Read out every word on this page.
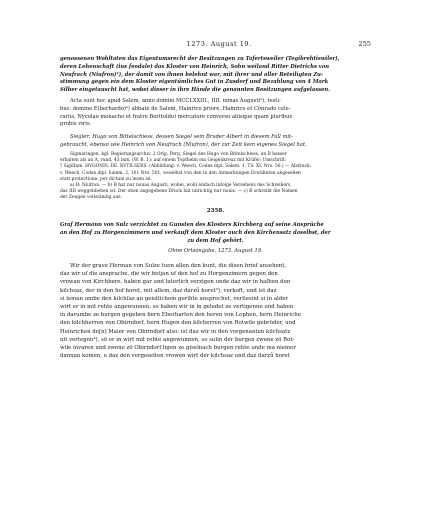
1273. August 19.	255
genossenen Wohltaten das Eigentumsrecht der Besitzungen zu Tafertsweiler (Tegibrehtiswiler),
deren Lehenschaft (ius feodale) das Kloster von Heinrich, Sohn weiland Ritter Dietrichs von
Neufrach (Niufron)¹), der damit von ihnen belehnt war, mit ihrer und aller Beteiligten Zu-
stimmung gegen ein dem Kloster eigentümliches Gut in Zusdorf und Bezahlung von 4 Mark
Silber eingetauscht hat, wobei dieser in ihre Hände die genannten Besitzungen aufgelassen.
Acta sunt hec apud Salem, anno domini MCCLXXIII., IIII. nonas Augusti²), testi-
bus: domino E(berhardo)ᵃ) abbate de Salem, Hainrico priore, Hainrico et Cônrado cele-
rariis, Nycolao monacho et fratre Ber(toldo) mercatore converso aliisque quam pluribus
probis viris.
Siegler: Hugo von Bittelschiess, dessen Siegel sein Bruder Albert in diesem Fall mit-
gebraucht, ebenso wie Heinrich von Neufrach (Niufron), der zur Zeit kein eigenes Siegel hat.
Sigmaringen, kgl. Regierungsarchiv. 2 Orig. Perg. Siegel des Hugo von Bittelschiess, an B besser
erhalten als an A, rund, 43 mm, (W. B. 1): auf einem Topfhelm ein Geigenkreuz mit Krüfel; Umschrift:
† SigilIum. HVGONIS. DE. BVTILSERS. (Abbildung: v. Weech, Codex dipl. Salem. 1. TS. XI, Nro. 50.) — Abdruck:
v. Weech, Codex dipl. Salem. 2, 101 Nro. 501, woselbst von den in den Anmerkungen Erwähnten abgesehen
statt protectione: per dictum zu lesen ist.
a) B: Niufron. — b) B hat nur nonas Augusti, wobei, wohl einfach infolge Versehens des Schreibers,
das IIII weggeblieben ist. Der oben angegebene Druck hat unrichtig nur nonis. — c) B schreibt die Namen
der Zeugen vollständig aus.
2358.
Graf Hermann von Sulz verzichtet zu Gunsten des Klosters Kirchberg auf seine Ansprüche
an den Hof zu Horgenzimmern und verkauft dem Kloster auch den Kirchensatz daselbst, der
zu dem Hof gehört.
Ohne Ortsangabe. 1273. August 19.
Wir der grave Herman von Sulze tuon allen den kunt, die disen brief ansehent,
daz wir uf die ansprache, die wir hetjan uf den hof zu Horgenzimern gegen den
vrowan von Kirchbere, haben gar und luterlich verzigen unde daz wir in haſben den
kilchsaz, der in den hof horet, mit allem, daz darzů horet³), verkoft, und ist daz
si leman umbe den kilchſaz an geistlichem gerihte ansprechet, verliesint si in alder
wirt er in mit rehte angewunnen, so haben wir in in geledet ze vertigenne und haben
in darumbe ze burgen gegeben hern Eberharten den heren von Lophen, hern Heinriche
den kilchherren von Obirndorf, hern Hugen den kilcherren von Rotwile gebrüder, und
Heinrichen de[n] Maier von Obirndorf also: ist daz wir in den vorgenanten kilchsatz
nit vertegen⁴), sö er in wirt mit rehte angewunnen, so sulin der burgen zwene zö Rot-
wile invaren und zwene zö Obirndorf ligen ze giselnach burgen rehte unde ma niemer
dannan komen, e daz den vergeseiten vrowen wirt der kilchsaz und daz darzů horet
